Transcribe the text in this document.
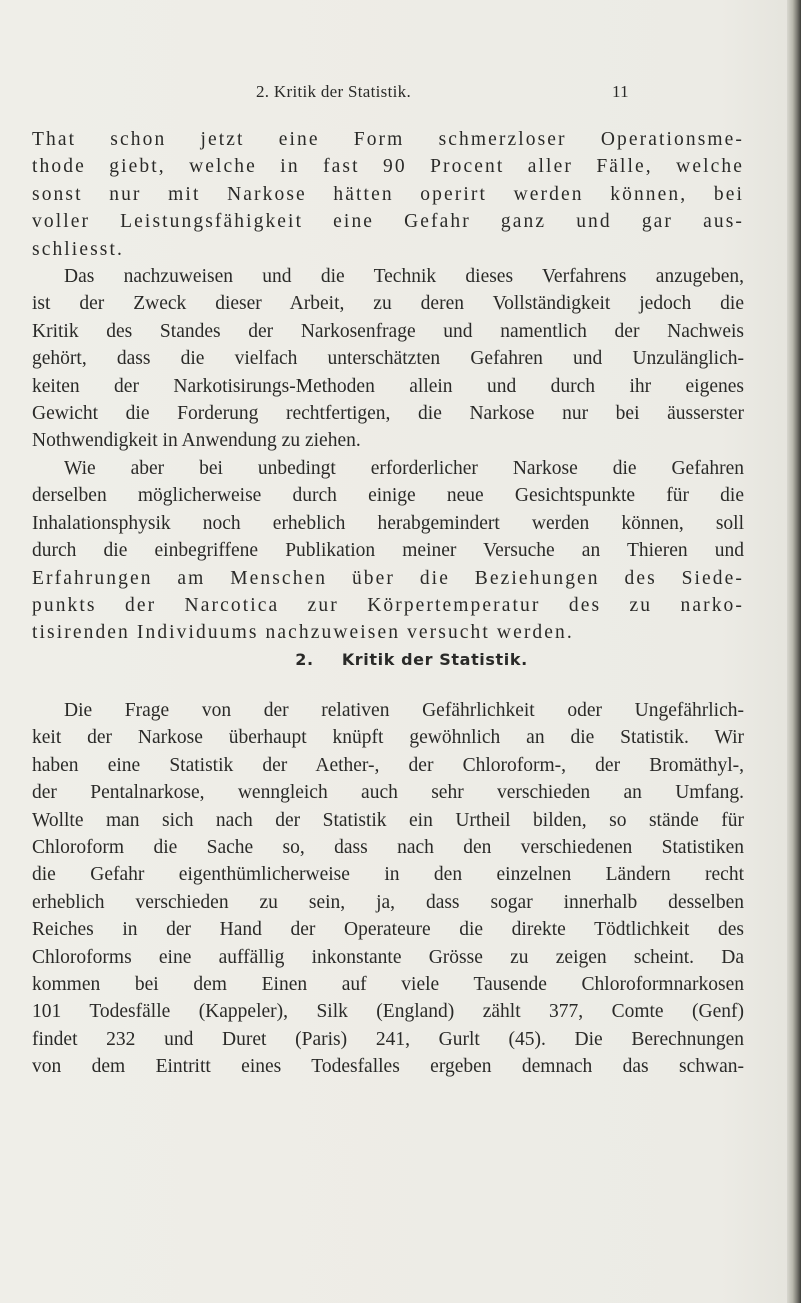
2. Kritik der Statistik.	11
That schon jetzt eine Form schmerzloser Operationsme-
thode giebt, welche in fast 90 Procent aller Fälle, welche
sonst nur mit Narkose hätten operirt werden können, bei
voller Leistungsfähigkeit eine Gefahr ganz und gar aus-
schliesst.
Das nachzuweisen und die Technik dieses Verfahrens anzugeben,
ist der Zweck dieser Arbeit, zu deren Vollständigkeit jedoch die
Kritik des Standes der Narkosenfrage und namentlich der Nachweis
gehört, dass die vielfach unterschätzten Gefahren und Unzulänglich-
keiten der Narkotisirungs-Methoden allein und durch ihr eigenes
Gewicht die Forderung rechtfertigen, die Narkose nur bei äusserster
Nothwendigkeit in Anwendung zu ziehen.
Wie aber bei unbedingt erforderlicher Narkose die Gefahren
derselben möglicherweise durch einige neue Gesichtspunkte für die
Inhalationsphysik noch erheblich herabgemindert werden können, soll
durch die einbegriffene Publikation meiner Versuche an Thieren und
Erfahrungen am Menschen über die Beziehungen des Siede-
punkts der Narcotica zur Körpertemperatur des zu narko-
tisirenden Individuums nachzuweisen versucht werden.
2. Kritik der Statistik.
Die Frage von der relativen Gefährlichkeit oder Ungefährlich-
keit der Narkose überhaupt knüpft gewöhnlich an die Statistik. Wir
haben eine Statistik der Aether-, der Chloroform-, der Bromäthyl-,
der Pentalnarkose, wenngleich auch sehr verschieden an Umfang.
Wollte man sich nach der Statistik ein Urtheil bilden, so stände für
Chloroform die Sache so, dass nach den verschiedenen Statistiken
die Gefahr eigenthümlicherweise in den einzelnen Ländern recht
erheblich verschieden zu sein, ja, dass sogar innerhalb desselben
Reiches in der Hand der Operateure die direkte Tödtlichkeit des
Chloroforms eine auffällig inkonstante Grösse zu zeigen scheint. Da
kommen bei dem Einen auf viele Tausende Chloroformnarkosen
101 Todesfälle (Kappeler), Silk (England) zählt 377, Comte (Genf)
findet 232 und Duret (Paris) 241, Gurlt (45). Die Berechnungen
von dem Eintritt eines Todesfalles ergeben demnach das schwan-
